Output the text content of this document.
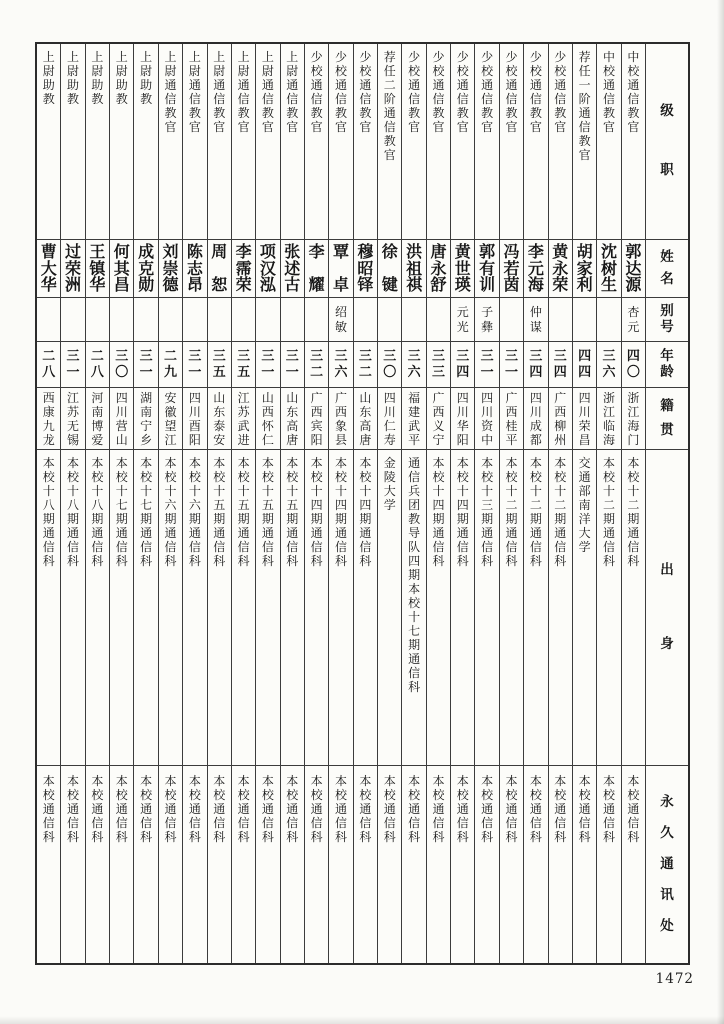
级
职
姓
名
别
号
年
龄
籍
贯
出
身
永
久
通
讯
处
中
校
通
信
教
官
郭
达
源
杏
元
四
〇
浙
江
海
门
本
校
十
二
期
通
信
科
本
校
通
信
科
中
校
通
信
教
官
沈
树
生
三
六
浙
江
临
海
本
校
十
二
期
通
信
科
本
校
通
信
科
荐
任
一
阶
通
信
教
官
胡
家
利
四
四
四
川
荣
昌
交
通
部
南
洋
大
学
本
校
通
信
科
少
校
通
信
教
官
黄
永
荣
三
四
广
西
柳
州
本
校
十
二
期
通
信
科
本
校
通
信
科
少
校
通
信
教
官
李
元
海
仲
谋
三
四
四
川
成
都
本
校
十
二
期
通
信
科
本
校
通
信
科
少
校
通
信
教
官
冯
若
茵
三
一
广
西
桂
平
本
校
十
二
期
通
信
科
本
校
通
信
科
少
校
通
信
教
官
郭
有
训
子
彝
三
一
四
川
资
中
本
校
十
三
期
通
信
科
本
校
通
信
科
少
校
通
信
教
官
黄
世
瑛
元
光
三
四
四
川
华
阳
本
校
十
四
期
通
信
科
本
校
通
信
科
少
校
通
信
教
官
唐
永
舒
三
三
广
西
义
宁
本
校
十
四
期
通
信
科
本
校
通
信
科
少
校
通
信
教
官
洪
祖
祺
三
六
福
建
武
平
通
信
兵
团
教
导
队
四
期
本
校
十
七
期
通
信
科
本
校
通
信
科
荐
任
二
阶
通
信
教
官
徐
键
三
〇
四
川
仁
寿
金
陵
大
学
本
校
通
信
科
少
校
通
信
教
官
穆
昭
铎
三
二
山
东
高
唐
本
校
十
四
期
通
信
科
本
校
通
信
科
少
校
通
信
教
官
覃
卓
绍
敏
三
六
广
西
象
县
本
校
十
四
期
通
信
科
本
校
通
信
科
少
校
通
信
教
官
李
耀
三
二
广
西
宾
阳
本
校
十
四
期
通
信
科
本
校
通
信
科
上
尉
通
信
教
官
张
述
古
三
一
山
东
高
唐
本
校
十
五
期
通
信
科
本
校
通
信
科
上
尉
通
信
教
官
项
汉
泓
三
一
山
西
怀
仁
本
校
十
五
期
通
信
科
本
校
通
信
科
上
尉
通
信
教
官
李
霈
荣
三
五
江
苏
武
进
本
校
十
五
期
通
信
科
本
校
通
信
科
上
尉
通
信
教
官
周
恕
三
五
山
东
泰
安
本
校
十
五
期
通
信
科
本
校
通
信
科
上
尉
通
信
教
官
陈
志
昂
三
一
四
川
酉
阳
本
校
十
六
期
通
信
科
本
校
通
信
科
上
尉
通
信
教
官
刘
崇
德
二
九
安
徽
望
江
本
校
十
六
期
通
信
科
本
校
通
信
科
上
尉
助
教
成
克
勋
三
一
湖
南
宁
乡
本
校
十
七
期
通
信
科
本
校
通
信
科
上
尉
助
教
何
其
昌
三
〇
四
川
营
山
本
校
十
七
期
通
信
科
本
校
通
信
科
上
尉
助
教
王
镇
华
二
八
河
南
博
爱
本
校
十
八
期
通
信
科
本
校
通
信
科
上
尉
助
教
过
荣
洲
三
一
江
苏
无
锡
本
校
十
八
期
通
信
科
本
校
通
信
科
上
尉
助
教
曹
大
华
二
八
西
康
九
龙
本
校
十
八
期
通
信
科
本
校
通
信
科
1472
